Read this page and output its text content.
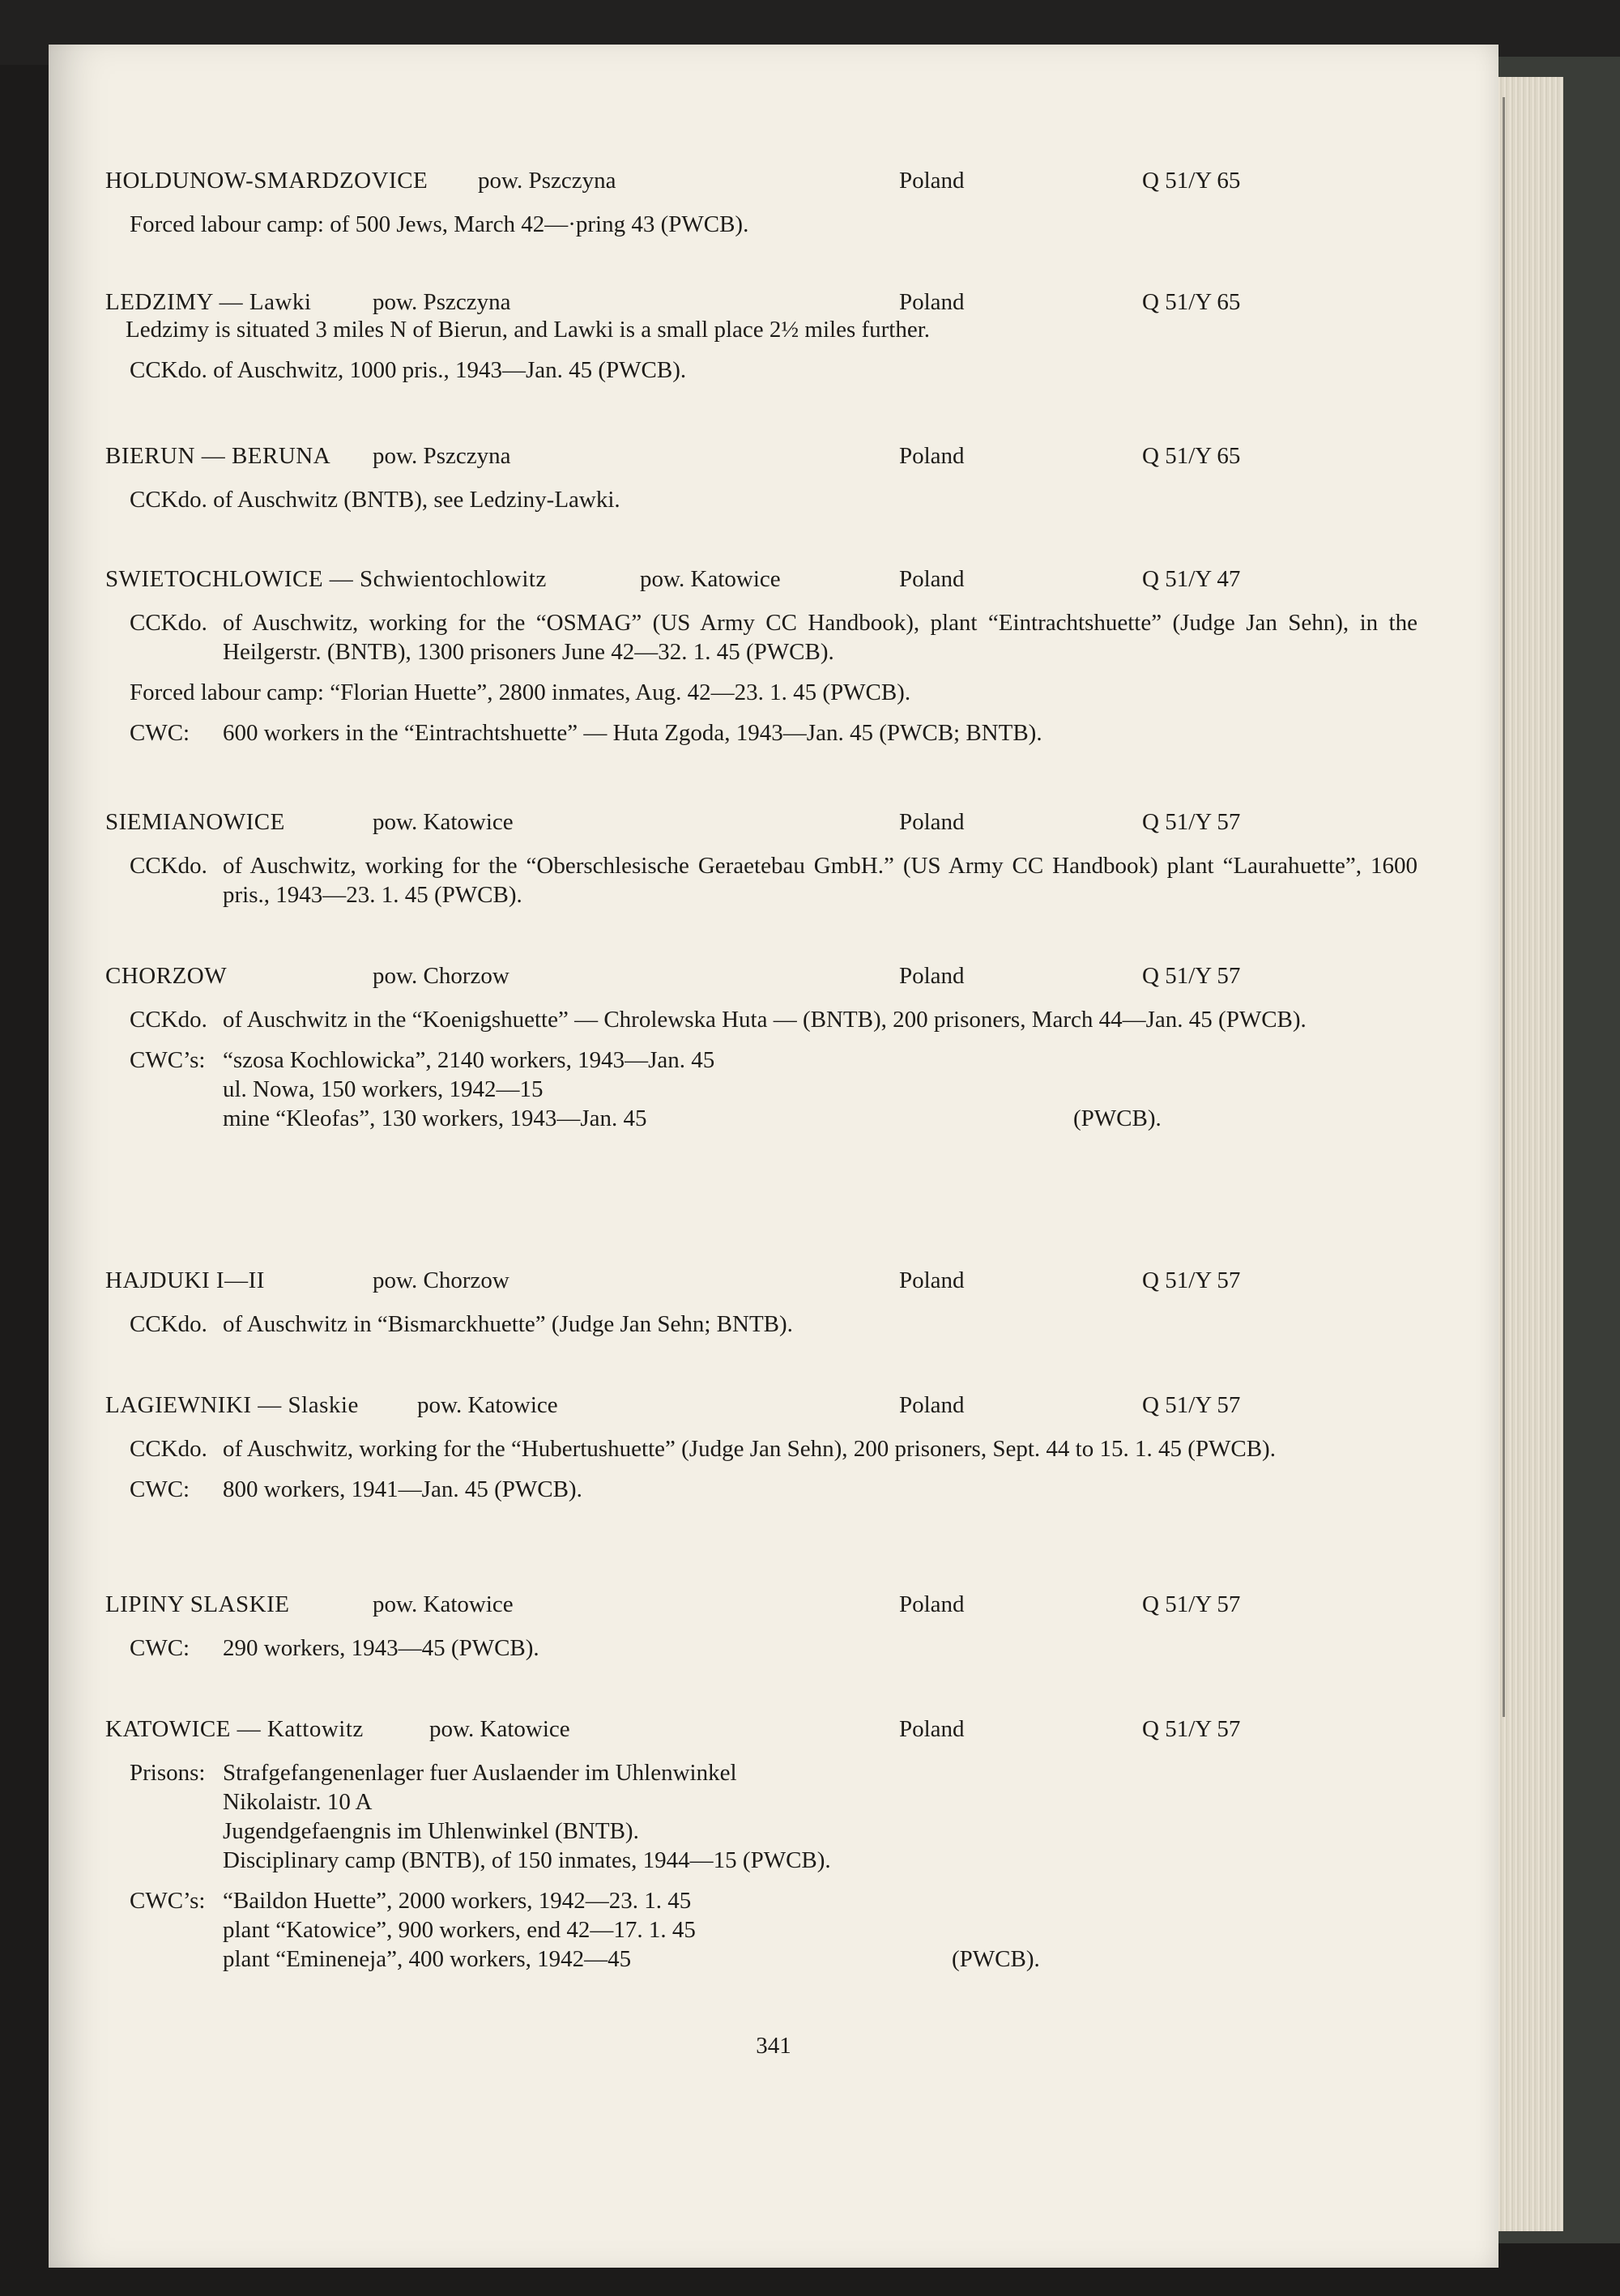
HOLDUNOW-SMARDZOVICE pow. Pszczyna	Poland	Q 51/Y 65
Forced labour camp: of 500 Jews, March 42—·pring 43 (PWCB).
LEDZIMY — Lawki	pow. Pszczyna	Poland	Q 51/Y 65
Ledzimy is situated 3 miles N of Bierun, and Lawki is a small place 2½ miles further.
CCKdo. of Auschwitz, 1000 pris., 1943—Jan. 45 (PWCB).
BIERUN — BERUNA pow. Pszczyna	Poland	Q 51/Y 65
CCKdo. of Auschwitz (BNTB), see Ledziny-Lawki.
SWIETOCHLOWICE — Schwientochlowitz	pow. Katowice	Poland	Q 51/Y 47
CCKdo. of Auschwitz, working for the “OSMAG” (US Army CC Handbook), plant “Eintrachtshuette” (Judge Jan Sehn), in the Heilgerstr. (BNTB), 1300 prisoners June 42—32. 1. 45 (PWCB).
Forced labour camp: “Florian Huette”, 2800 inmates, Aug. 42—23. 1. 45 (PWCB).
CWC: 600 workers in the “Eintrachtshuette” — Huta Zgoda, 1943—Jan. 45 (PWCB; BNTB).
SIEMIANOWICE	pow. Katowice	Poland	Q 51/Y 57
CCKdo. of Auschwitz, working for the “Oberschlesische Geraetebau GmbH.” (US Army CC Handbook) plant “Laurahuette”, 1600 pris., 1943—23. 1. 45 (PWCB).
CHORZOW	pow. Chorzow	Poland	Q 51/Y 57
CCKdo. of Auschwitz in the “Koenigshuette” — Chrolewska Huta — (BNTB), 200 prisoners, March 44—Jan. 45 (PWCB).
CWC’s: “szosa Kochlowicka”, 2140 workers, 1943—Jan. 45
ul. Nowa, 150 workers, 1942—15
mine “Kleofas”, 130 workers, 1943—Jan. 45	(PWCB).
HAJDUKI I—II	pow. Chorzow	Poland	Q 51/Y 57
CCKdo. of Auschwitz in “Bismarckhuette” (Judge Jan Sehn; BNTB).
LAGIEWNIKI — Slaskie pow. Katowice	Poland	Q 51/Y 57
CCKdo. of Auschwitz, working for the “Hubertushuette” (Judge Jan Sehn), 200 prisoners, Sept. 44 to 15. 1. 45 (PWCB).
CWC: 800 workers, 1941—Jan. 45 (PWCB).
LIPINY SLASKIE	pow. Katowice	Poland	Q 51/Y 57
CWC: 290 workers, 1943—45 (PWCB).
KATOWICE — Kattowitz	pow. Katowice	Poland	Q 51/Y 57
Prisons: Strafgefangenenlager fuer Auslaender im Uhlenwinkel
Nikolaistr. 10 A
Jugendgefaengnis im Uhlenwinkel (BNTB).
Disciplinary camp (BNTB), of 150 inmates, 1944—15 (PWCB).
CWC’s: “Baildon Huette”, 2000 workers, 1942—23. 1. 45
plant “Katowice”, 900 workers, end 42—17. 1. 45
plant “Emineneja”, 400 workers, 1942—45	(PWCB).
341
